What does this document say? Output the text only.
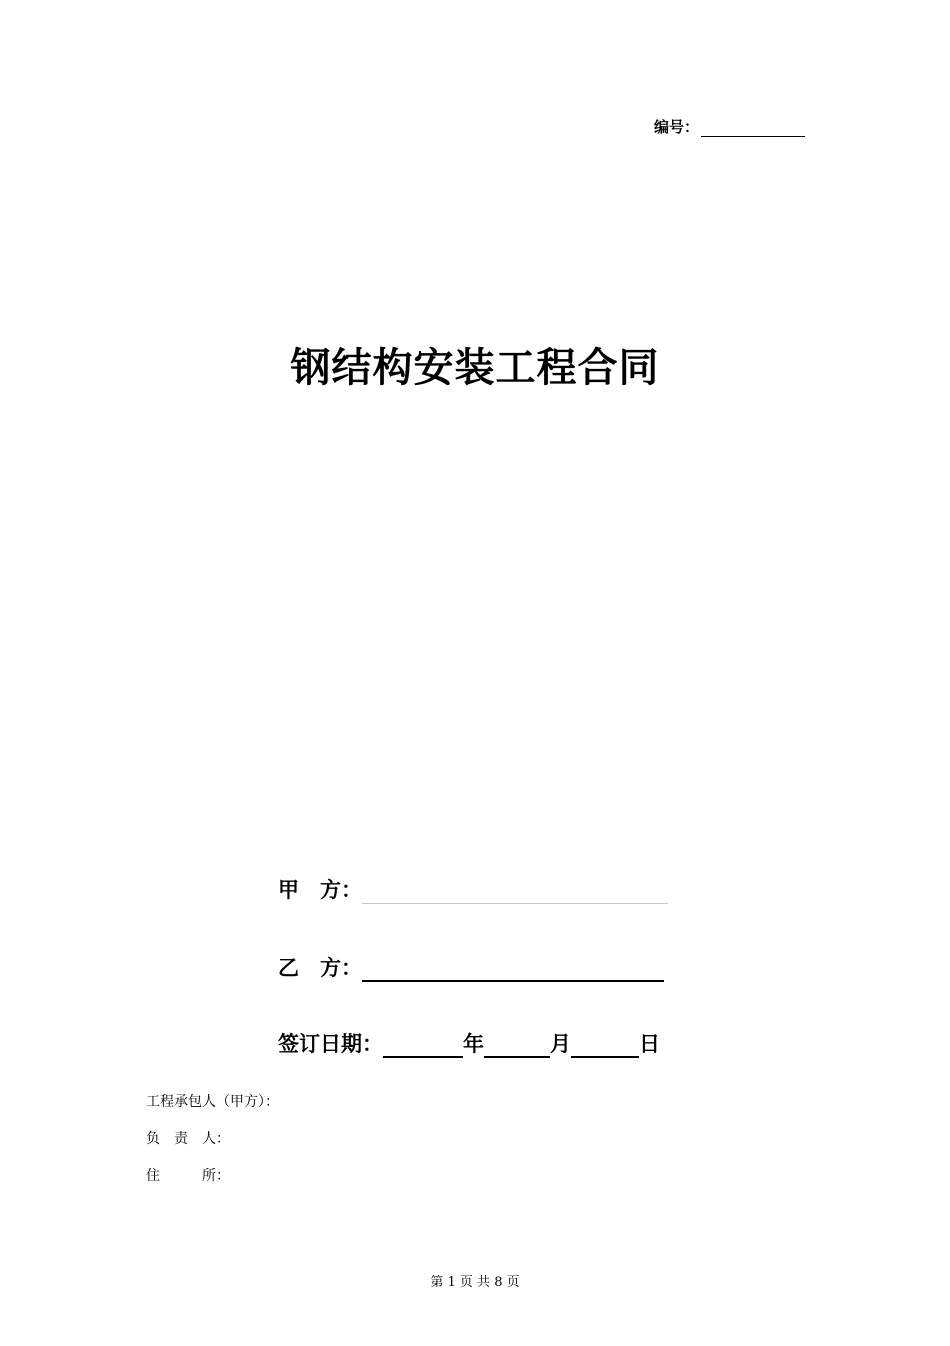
编号：
钢结构安装工程合同
甲　方：
乙　方：
签订日期：	年	月	日
工程承包人（甲方）：
负　责　人：
住　　　所：
第 1 页 共 8 页
